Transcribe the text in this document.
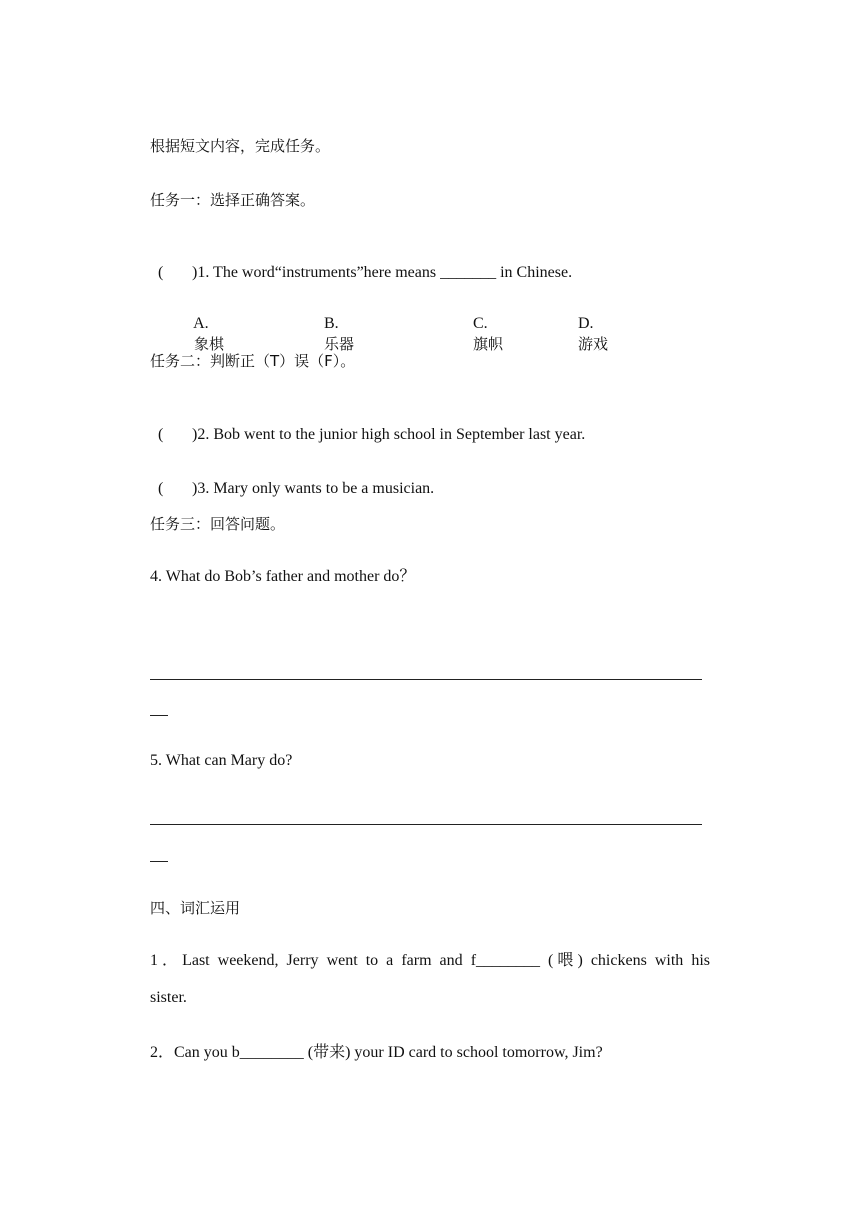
根据短文内容，完成任务。
任务一：选择正确答案。

( )1. The word“instruments”here means _______ in Chinese.

A.
象棋

B.
乐器

C.
旗帜

D.
游戏

任务二：判断正（T）误（F）。

( )2. Bob went to the junior high school in September last year.

( )3. Mary only wants to be a musician.

任务三：回答问题。
4. What do Bob’s father and mother do？
5. What can Mary do?
四、词汇运用
1．Last weekend, Jerry went to a farm and f________ (喂) chickens with his
sister.
2．Can you b________ (带来) your ID card to school tomorrow, Jim?
